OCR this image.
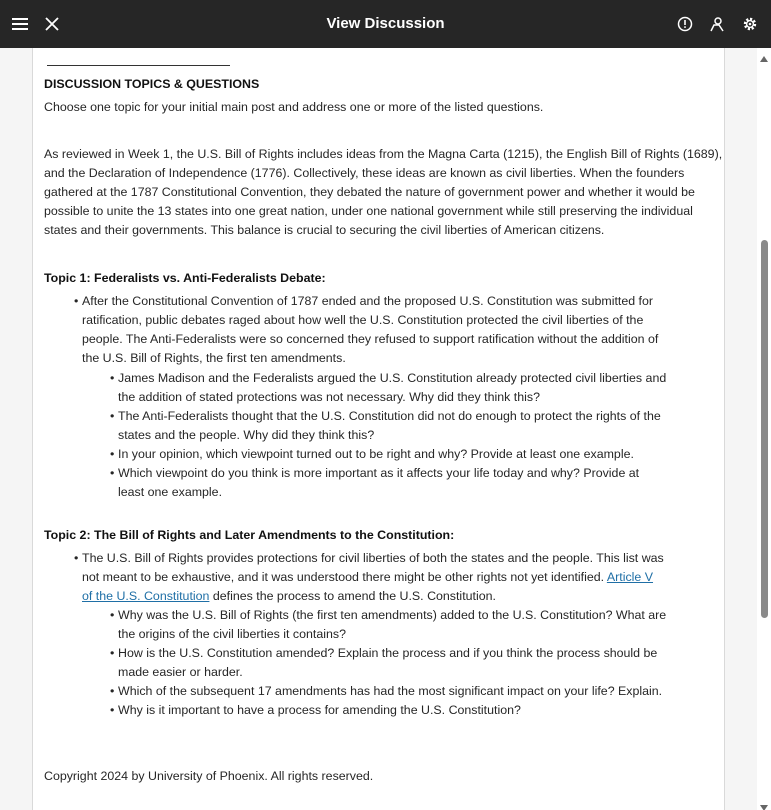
View Discussion
DISCUSSION TOPICS & QUESTIONS
Choose one topic for your initial main post and address one or more of the listed questions.
As reviewed in Week 1, the U.S. Bill of Rights includes ideas from the Magna Carta (1215), the English Bill of Rights (1689),
and the Declaration of Independence (1776). Collectively, these ideas are known as civil liberties. When the founders
gathered at the 1787 Constitutional Convention, they debated the nature of government power and whether it would be
possible to unite the 13 states into one great nation, under one national government while still preserving the individual
states and their governments. This balance is crucial to securing the civil liberties of American citizens.
Topic 1: Federalists vs. Anti-Federalists Debate:
• After the Constitutional Convention of 1787 ended and the proposed U.S. Constitution was submitted for
ratification, public debates raged about how well the U.S. Constitution protected the civil liberties of the
people. The Anti-Federalists were so concerned they refused to support ratification without the addition of
the U.S. Bill of Rights, the first ten amendments.
• James Madison and the Federalists argued the U.S. Constitution already protected civil liberties and
the addition of stated protections was not necessary. Why did they think this?
• The Anti-Federalists thought that the U.S. Constitution did not do enough to protect the rights of the
states and the people. Why did they think this?
• In your opinion, which viewpoint turned out to be right and why? Provide at least one example.
• Which viewpoint do you think is more important as it affects your life today and why? Provide at
least one example.
Topic 2: The Bill of Rights and Later Amendments to the Constitution:
• The U.S. Bill of Rights provides protections for civil liberties of both the states and the people. This list was
not meant to be exhaustive, and it was understood there might be other rights not yet identified. Article V
of the U.S. Constitution defines the process to amend the U.S. Constitution.
• Why was the U.S. Bill of Rights (the first ten amendments) added to the U.S. Constitution? What are
the origins of the civil liberties it contains?
• How is the U.S. Constitution amended? Explain the process and if you think the process should be
made easier or harder.
• Which of the subsequent 17 amendments has had the most significant impact on your life? Explain.
• Why is it important to have a process for amending the U.S. Constitution?
Copyright 2024 by University of Phoenix. All rights reserved.
